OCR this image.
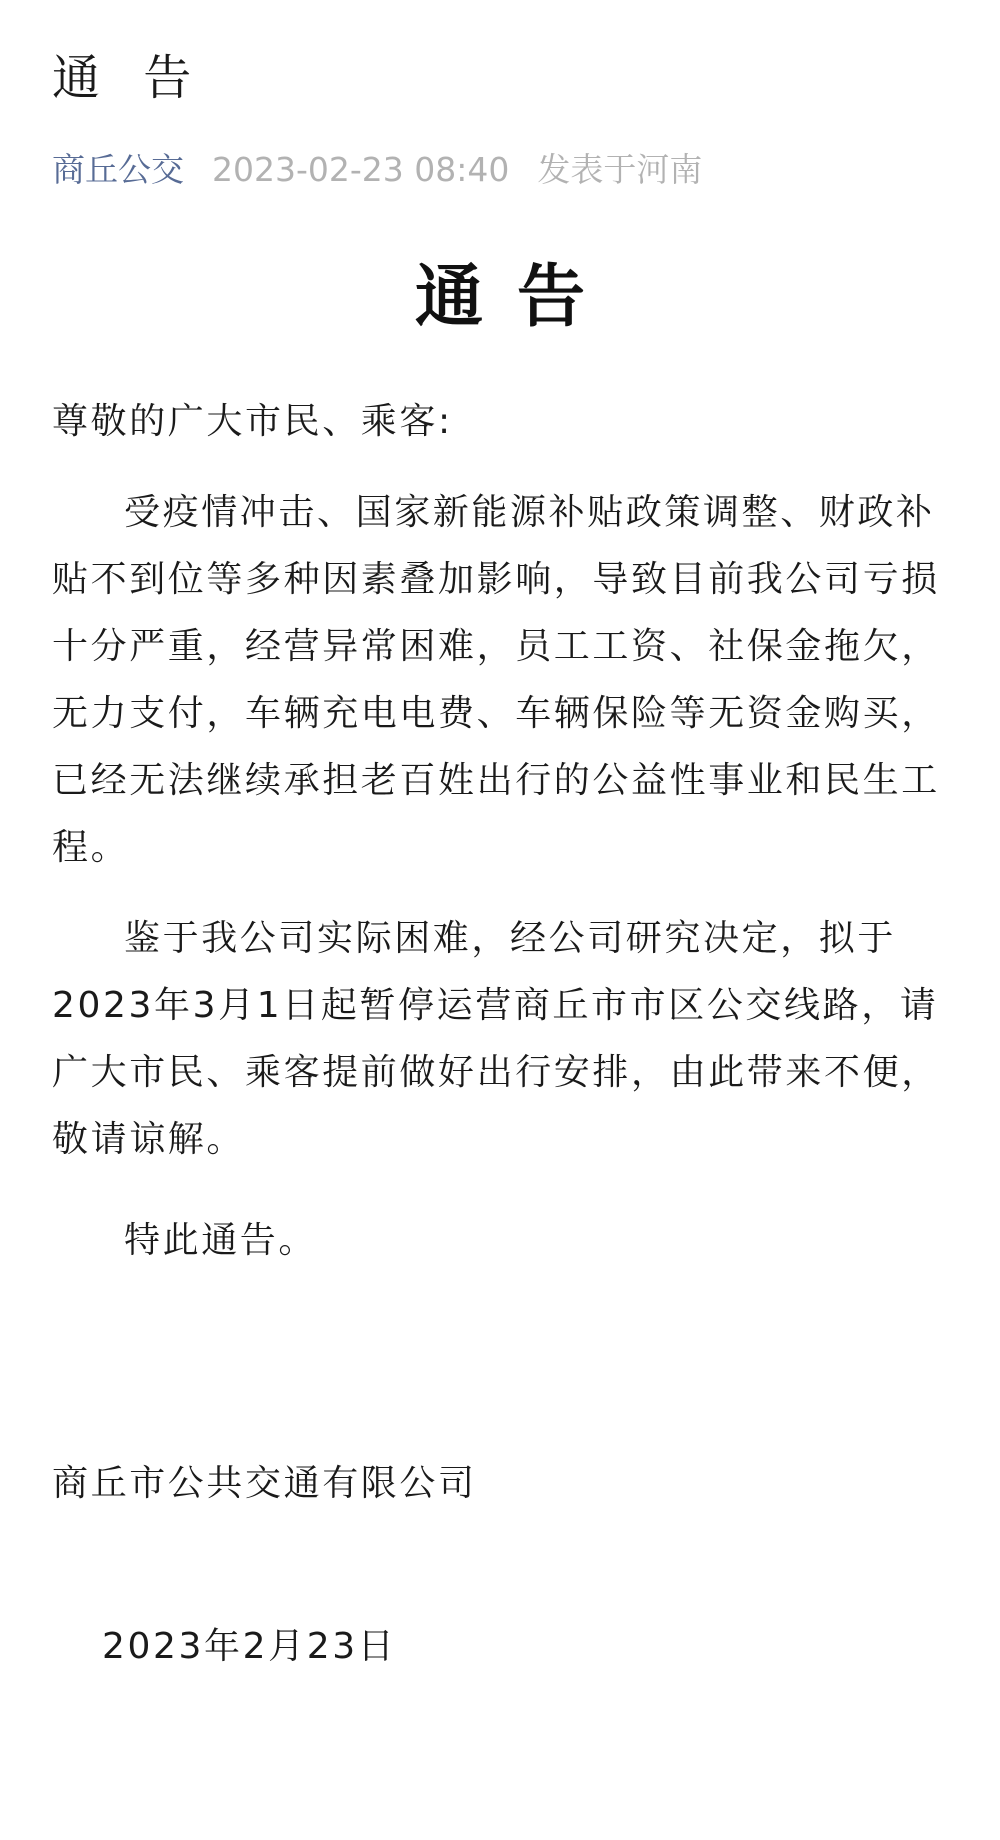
通 告
商丘公交 2023-02-23 08:40 发表于河南
通告

尊敬的广大市民、乘客:

受疫情冲击、国家新能源补贴政策调整、财政补贴不到位等多种因素叠加影响，导致目前我公司亏损十分严重，经营异常困难，员工工资、社保金拖欠，无力支付，车辆充电电费、车辆保险等无资金购买，已经无法继续承担老百姓出行的公益性事业和民生工程。

鉴于我公司实际困难，经公司研究决定，拟于2023年3月1日起暂停运营商丘市市区公交线路，请广大市民、乘客提前做好出行安排，由此带来不便，敬请谅解。

特此通告。

商丘市公共交通有限公司
2023年2月23日
